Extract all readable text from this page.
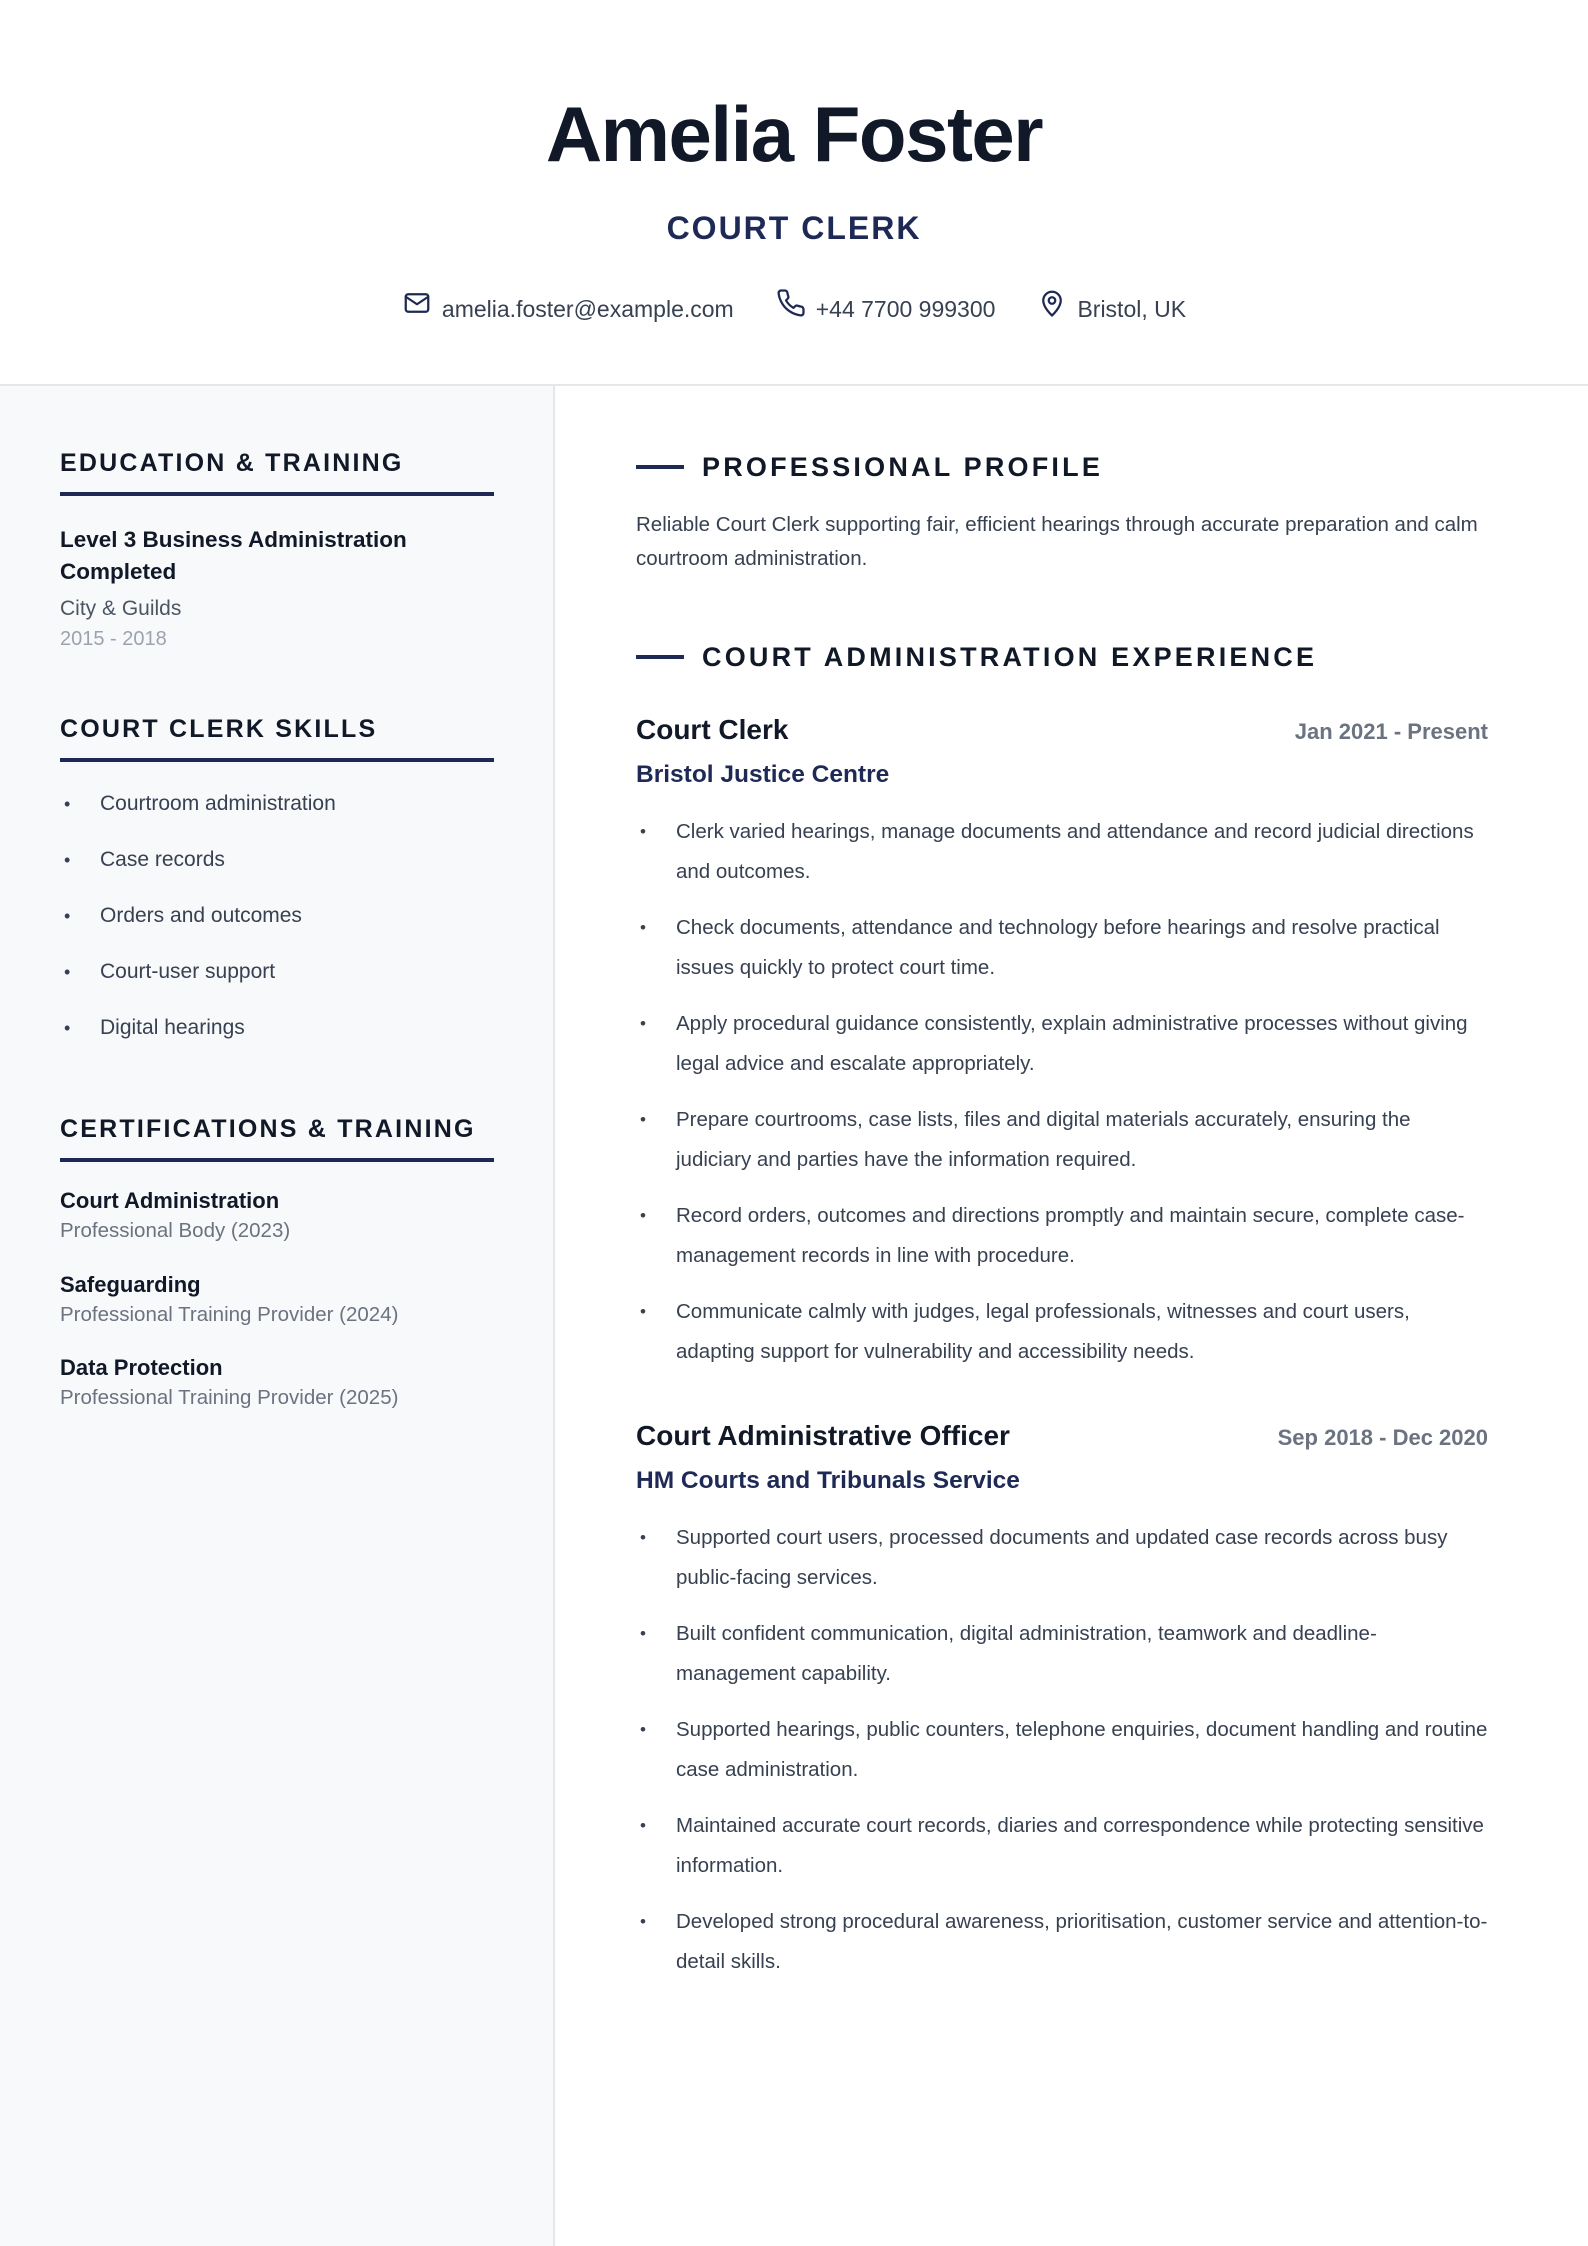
Amelia Foster
COURT CLERK
amelia.foster@example.com	+44 7700 999300	Bristol, UK
EDUCATION & TRAINING
Level 3 Business Administration Completed
City & Guilds
2015 - 2018
COURT CLERK SKILLS
• Courtroom administration
• Case records
• Orders and outcomes
• Court-user support
• Digital hearings
CERTIFICATIONS & TRAINING
Court Administration
Professional Body (2023)
Safeguarding
Professional Training Provider (2024)
Data Protection
Professional Training Provider (2025)
PROFESSIONAL PROFILE
Reliable Court Clerk supporting fair, efficient hearings through accurate preparation and calm courtroom administration.
COURT ADMINISTRATION EXPERIENCE
Court Clerk	Jan 2021 - Present
Bristol Justice Centre
• Clerk varied hearings, manage documents and attendance and record judicial directions and outcomes.
• Check documents, attendance and technology before hearings and resolve practical issues quickly to protect court time.
• Apply procedural guidance consistently, explain administrative processes without giving legal advice and escalate appropriately.
• Prepare courtrooms, case lists, files and digital materials accurately, ensuring the judiciary and parties have the information required.
• Record orders, outcomes and directions promptly and maintain secure, complete case-management records in line with procedure.
• Communicate calmly with judges, legal professionals, witnesses and court users, adapting support for vulnerability and accessibility needs.
Court Administrative Officer	Sep 2018 - Dec 2020
HM Courts and Tribunals Service
• Supported court users, processed documents and updated case records across busy public-facing services.
• Built confident communication, digital administration, teamwork and deadline-management capability.
• Supported hearings, public counters, telephone enquiries, document handling and routine case administration.
• Maintained accurate court records, diaries and correspondence while protecting sensitive information.
• Developed strong procedural awareness, prioritisation, customer service and attention-to-detail skills.
